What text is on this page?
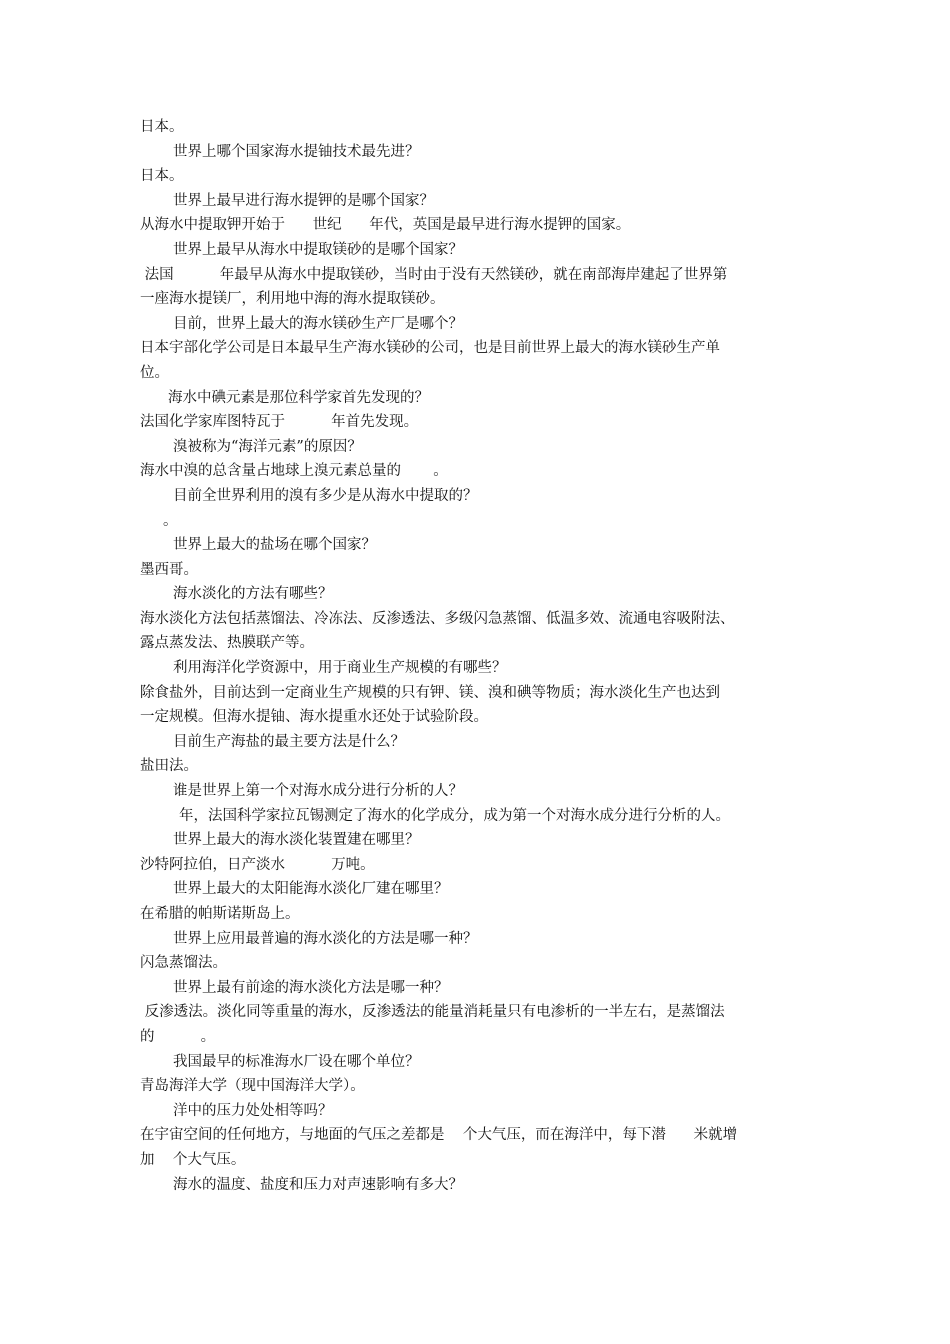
日本。
世界上哪个国家海水提铀技术最先进？
日本。
世界上最早进行海水提钾的是哪个国家？
从海水中提取钾开始于      世纪      年代，英国是最早进行海水提钾的国家。
世界上最早从海水中提取镁砂的是哪个国家？
法国          年最早从海水中提取镁砂，当时由于没有天然镁砂，就在南部海岸建起了世界第
一座海水提镁厂，利用地中海的海水提取镁砂。
目前，世界上最大的海水镁砂生产厂是哪个？
日本宇部化学公司是日本最早生产海水镁砂的公司，也是目前世界上最大的海水镁砂生产单
位。
海水中碘元素是那位科学家首先发现的？
法国化学家库图特瓦于          年首先发现。
溴被称为“海洋元素”的原因？
海水中溴的总含量占地球上溴元素总量的       。
目前全世界利用的溴有多少是从海水中提取的？
。
世界上最大的盐场在哪个国家？
墨西哥。
海水淡化的方法有哪些？
海水淡化方法包括蒸馏法、冷冻法、反渗透法、多级闪急蒸馏、低温多效、流通电容吸附法、
露点蒸发法、热膜联产等。
利用海洋化学资源中，用于商业生产规模的有哪些？
除食盐外，目前达到一定商业生产规模的只有钾、镁、溴和碘等物质；海水淡化生产也达到
一定规模。但海水提铀、海水提重水还处于试验阶段。
目前生产海盐的最主要方法是什么？
盐田法。
谁是世界上第一个对海水成分进行分析的人？
年，法国科学家拉瓦锡测定了海水的化学成分，成为第一个对海水成分进行分析的人。
世界上最大的海水淡化装置建在哪里？
沙特阿拉伯，日产淡水          万吨。
世界上最大的太阳能海水淡化厂建在哪里？
在希腊的帕斯诺斯岛上。
世界上应用最普遍的海水淡化的方法是哪一种？
闪急蒸馏法。
世界上最有前途的海水淡化方法是哪一种？
反渗透法。淡化同等重量的海水，反渗透法的能量消耗量只有电渗析的一半左右，是蒸馏法
的          。
我国最早的标准海水厂设在哪个单位？
青岛海洋大学（现中国海洋大学）。
洋中的压力处处相等吗？
在宇宙空间的任何地方，与地面的气压之差都是    个大气压，而在海洋中，每下潜      米就增
加    个大气压。
海水的温度、盐度和压力对声速影响有多大？
